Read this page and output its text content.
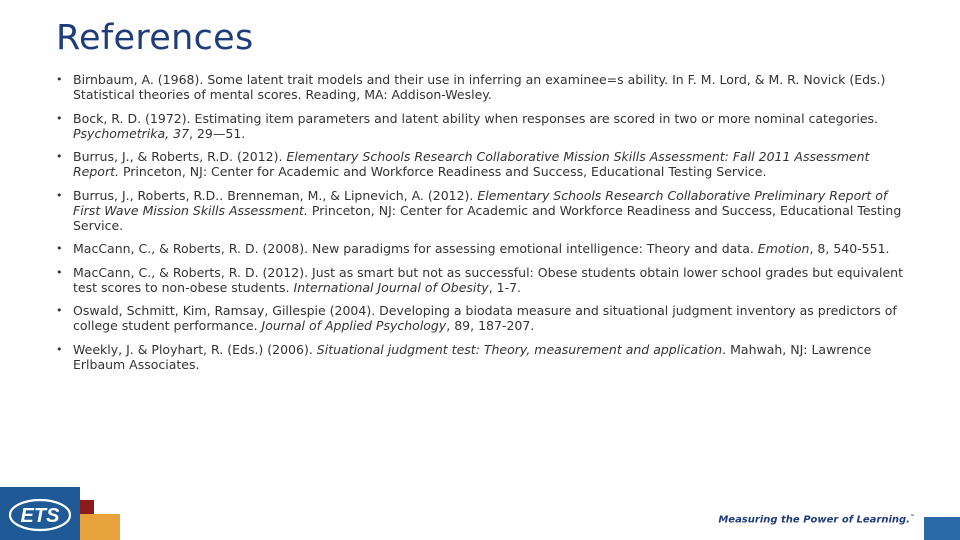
References
• Birnbaum, A. (1968). Some latent trait models and their use in inferring an examinee=s ability. In F. M. Lord, & M. R. Novick (Eds.) Statistical theories of mental scores. Reading, MA: Addison-Wesley.
• Bock, R. D. (1972). Estimating item parameters and latent ability when responses are scored in two or more nominal categories. Psychometrika, 37, 29—51.
• Burrus, J., & Roberts, R.D. (2012). Elementary Schools Research Collaborative Mission Skills Assessment: Fall 2011 Assessment Report. Princeton, NJ: Center for Academic and Workforce Readiness and Success, Educational Testing Service.
• Burrus, J., Roberts, R.D.. Brenneman, M., & Lipnevich, A. (2012). Elementary Schools Research Collaborative Preliminary Report of First Wave Mission Skills Assessment. Princeton, NJ: Center for Academic and Workforce Readiness and Success, Educational Testing Service.
• MacCann, C., & Roberts, R. D. (2008). New paradigms for assessing emotional intelligence: Theory and data. Emotion, 8, 540-551.
• MacCann, C., & Roberts, R. D. (2012). Just as smart but not as successful: Obese students obtain lower school grades but equivalent test scores to non-obese students. International Journal of Obesity, 1-7.
• Oswald, Schmitt, Kim, Ramsay, Gillespie (2004). Developing a biodata measure and situational judgment inventory as predictors of college student performance. Journal of Applied Psychology, 89, 187-207.
• Weekly, J. & Ployhart, R. (Eds.) (2006). Situational judgment test: Theory, measurement and application. Mahwah, NJ: Lawrence Erlbaum Associates.
ETS	Measuring the Power of Learning.™
